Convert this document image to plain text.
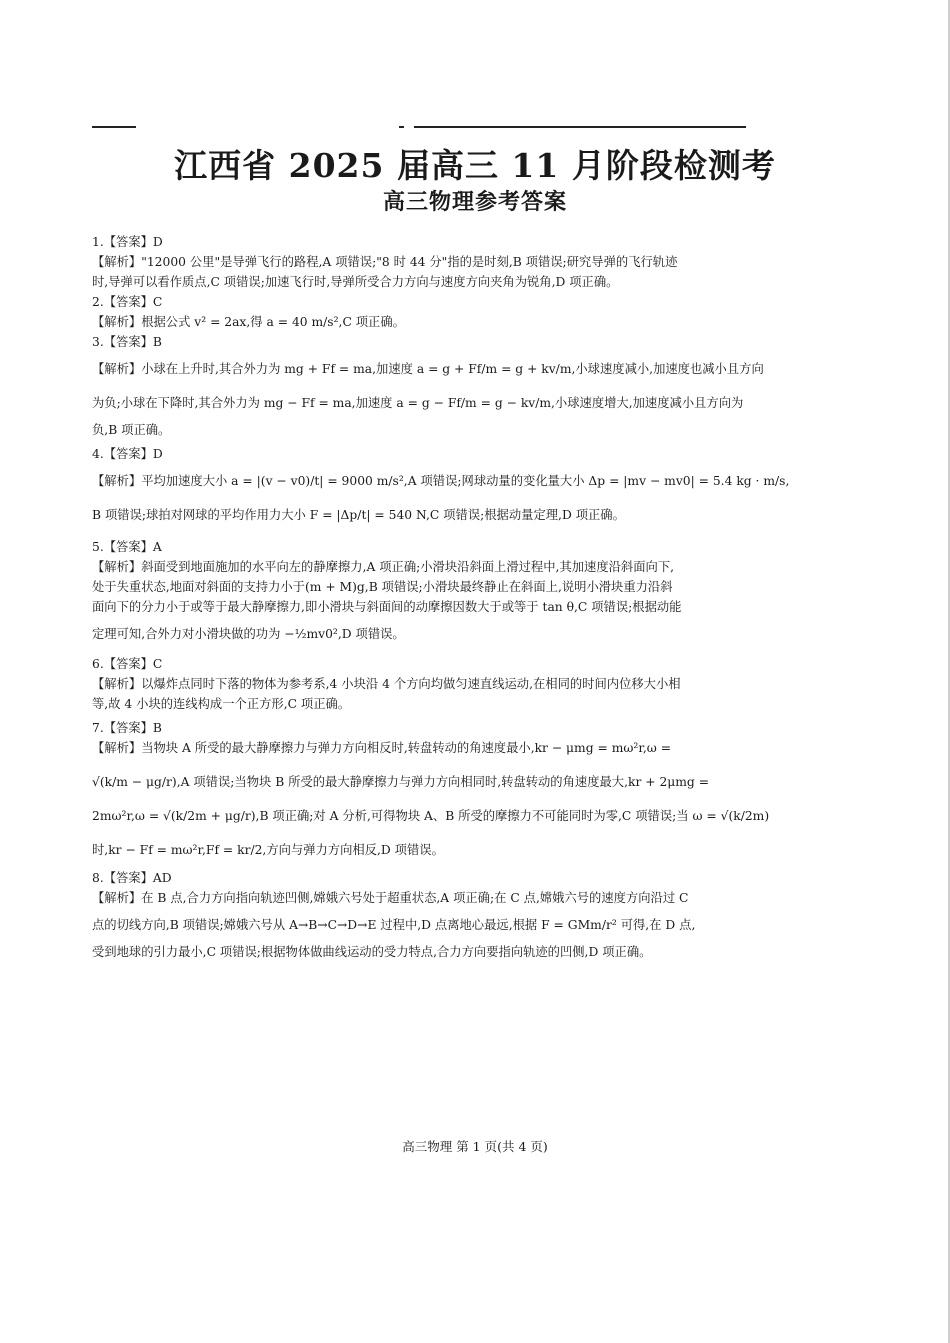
江西省 2025 届高三 11 月阶段检测考
高三物理参考答案
1.【答案】D

【解析】"12000 公里"是导弹飞行的路程,A 项错误;"8 时 44 分"指的是时刻,B 项错误;研究导弹的飞行轨迹

时,导弹可以看作质点,C 项错误;加速飞行时,导弹所受合力方向与速度方向夹角为锐角,D 项正确。

2.【答案】C

【解析】根据公式 v² = 2ax,得 a = 40 m/s²,C 项正确。

3.【答案】B

【解析】小球在上升时,其合外力为 mg + Ff = ma,加速度 a = g + Ff/m = g + kv/m,小球速度减小,加速度也减小且方向

为负;小球在下降时,其合外力为 mg − Ff = ma,加速度 a = g − Ff/m = g − kv/m,小球速度增大,加速度减小且方向为

负,B 项正确。

4.【答案】D

【解析】平均加速度大小 a = |(v − v0)/t| = 9000 m/s²,A 项错误;网球动量的变化量大小 Δp = |mv − mv0| = 5.4 kg · m/s,

B 项错误;球拍对网球的平均作用力大小 F = |Δp/t| = 540 N,C 项错误;根据动量定理,D 项正确。

5.【答案】A

【解析】斜面受到地面施加的水平向左的静摩擦力,A 项正确;小滑块沿斜面上滑过程中,其加速度沿斜面向下,

处于失重状态,地面对斜面的支持力小于(m + M)g,B 项错误;小滑块最终静止在斜面上,说明小滑块重力沿斜

面向下的分力小于或等于最大静摩擦力,即小滑块与斜面间的动摩擦因数大于或等于 tan θ,C 项错误;根据动能

定理可知,合外力对小滑块做的功为 −½mv0²,D 项错误。

6.【答案】C

【解析】以爆炸点同时下落的物体为参考系,4 小块沿 4 个方向均做匀速直线运动,在相同的时间内位移大小相

等,故 4 小块的连线构成一个正方形,C 项正确。

7.【答案】B

【解析】当物块 A 所受的最大静摩擦力与弹力方向相反时,转盘转动的角速度最小,kr − μmg = mω²r,ω =

√(k/m − μg/r),A 项错误;当物块 B 所受的最大静摩擦力与弹力方向相同时,转盘转动的角速度最大,kr + 2μmg =

2mω²r,ω = √(k/2m + μg/r),B 项正确;对 A 分析,可得物块 A、B 所受的摩擦力不可能同时为零,C 项错误;当 ω = √(k/2m)

时,kr − Ff = mω²r,Ff = kr/2,方向与弹力方向相反,D 项错误。

8.【答案】AD

【解析】在 B 点,合力方向指向轨迹凹侧,嫦娥六号处于超重状态,A 项正确;在 C 点,嫦娥六号的速度方向沿过 C

点的切线方向,B 项错误;嫦娥六号从 A→B→C→D→E 过程中,D 点离地心最远,根据 F = GMm/r² 可得,在 D 点,

受到地球的引力最小,C 项错误;根据物体做曲线运动的受力特点,合力方向要指向轨迹的凹侧,D 项正确。

高三物理 第 1 页(共 4 页)
